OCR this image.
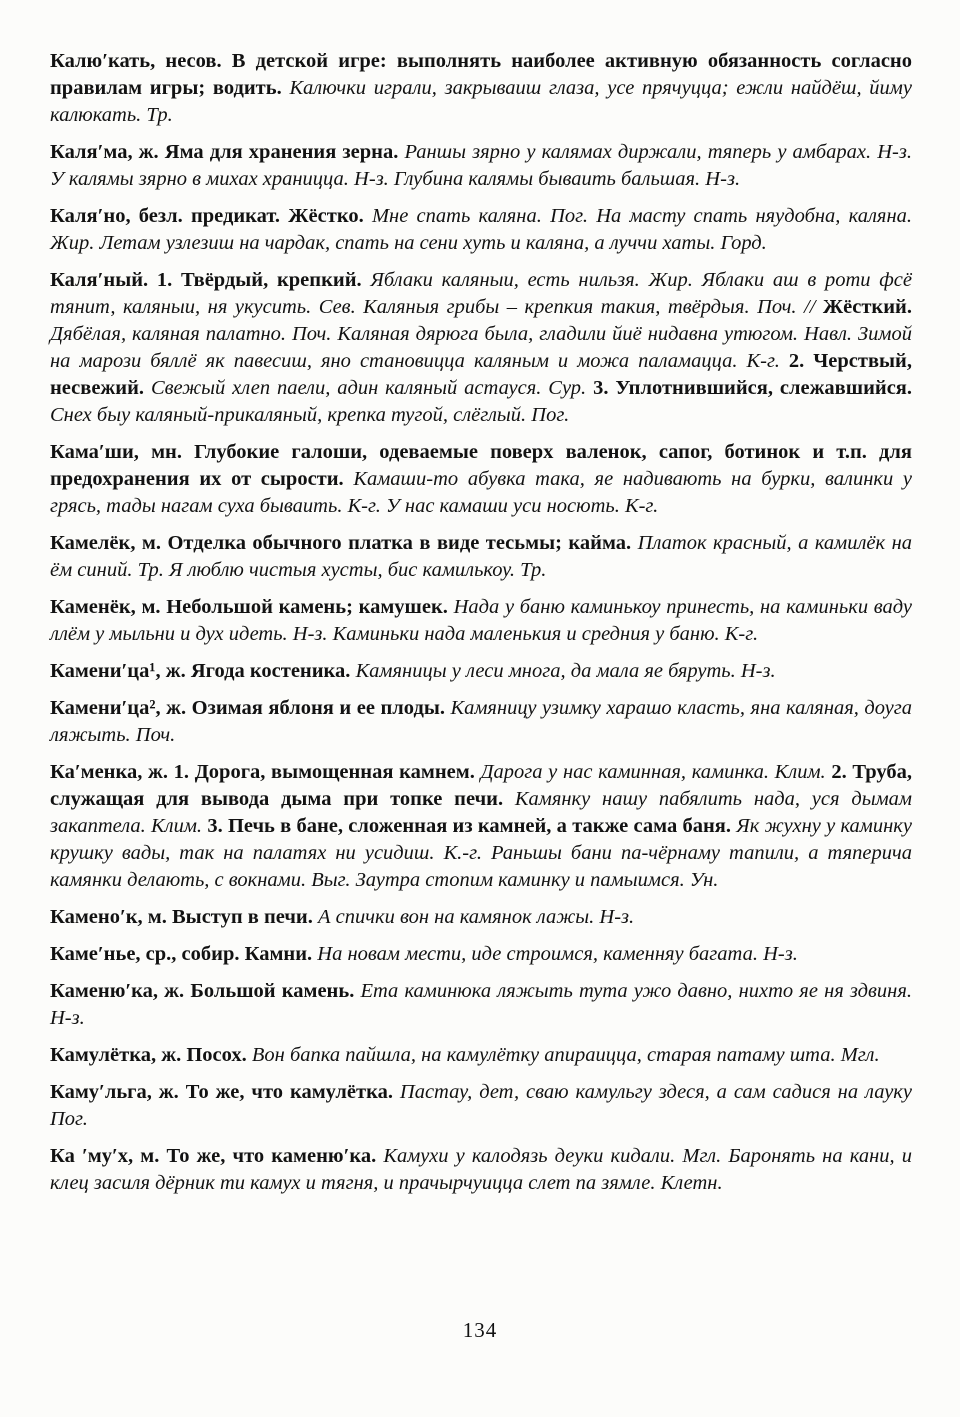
Калю′кать, несов. В детской игре: выполнять наиболее активную обязанность согласно правилам игры; водить. Калючки играли, закрываиш глаза, усе прячуцца; ежли найдёш, йиму калюкать. Тр.

Каля′ма, ж. Яма для хранения зерна. Раншы зярно у калямах диржали, тяперь у амбарах. Н-з. У калямы зярно в михах храницца. Н-з. Глубина калямы бываить бальшая. Н-з.

Каля′но, безл. предикат. Жёстко. Мне спать каляна. Пог. На масту спать няудобна, каляна. Жир. Летам узлезиш на чардак, спать на сени хуть и каляна, а луччи хаты. Горд.

Каля′ный. 1. Твёрдый, крепкий. Яблаки каляныи, есть нильзя. Жир. Яблаки аш в роти фсё тянит, каляныи, ня укусить. Сев. Каляныя грибы – крепкия такия, твёрдыя. Поч. // Жёсткий. Дябёлая, каляная палатно. Поч. Каляная дярюга была, гладили йиё нидавна утюгом. Навл. Зимой на марози бяллё як павесиш, яно становицца каляным и можа паламацца. К-г. 2. Черствый, несвежий. Свежый хлеп паели, адин каляный астауся. Сур. 3. Уплотнившийся, слежавшийся. Снех быу каляный-прикаляный, крепка тугой, слёглый. Пог.

Кама′ши, мн. Глубокие галоши, одеваемые поверх валенок, сапог, ботинок и т.п. для предохранения их от сырости. Камаши-то абувка така, яе надивають на бурки, валинки у грясь, тады нагам суха бываить. К-г. У нас камаши уси носють. К-г.

Камелёк, м. Отделка обычного платка в виде тесьмы; кайма. Платок красный, а камилёк на ём синий. Тр. Я люблю чистыя хусты, бис камилькоу. Тр.

Каменёк, м. Небольшой камень; камушек. Нада у баню каминькоу принесть, на каминьки ваду ллём у мыльни и дух идеть. Н-з. Каминьки нада маленькия и средния у баню. К-г.

Камени′ца¹, ж. Ягода костеника. Камяницы у леси многа, да мала яе бяруть. Н-з.

Камени′ца², ж. Озимая яблоня и ее плоды. Камяницу узимку харашо класть, яна каляная, доуга ляжыть. Поч.

Ка′менка, ж. 1. Дорога, вымощенная камнем. Дарога у нас каминная, каминка. Клим. 2. Труба, служащая для вывода дыма при топке печи. Камянку нашу пабялить нада, уся дымам закаптела. Клим. 3. Печь в бане, сложенная из камней, а также сама баня. Як жухну у каминку крушку вады, так на палатях ни усидиш. К.-г. Раньшы бани па-чёрнаму тапили, а тяперича камянки делають, с вокнами. Выг. Заутра стопим каминку и памыимся. Ун.

Камено′к, м. Выступ в печи. А спички вон на камянок лажы. Н-з.

Каме′нье, ср., собир. Камни. На новам мести, иде строимся, каменняу багата. Н-з.

Каменю′ка, ж. Большой камень. Ета каминюка ляжыть тута ужо давно, нихто яе ня здвиня. Н-з.

Камулётка, ж. Посох. Вон бапка пайшла, на камулётку апираицца, старая патаму шта. Мгл.

Каму′льга, ж. То же, что камулётка. Пастау, дет, сваю камульгу здеся, а сам садися на лауку Пог.

Ка ′му′х, м. То же, что каменю′ка. Камухи у калодязь деуки кидали. Мгл. Баронять на кани, и клец засиля дёрник ти камух и тягня, и прачырчуицца слет па зямле. Клетн.

134
